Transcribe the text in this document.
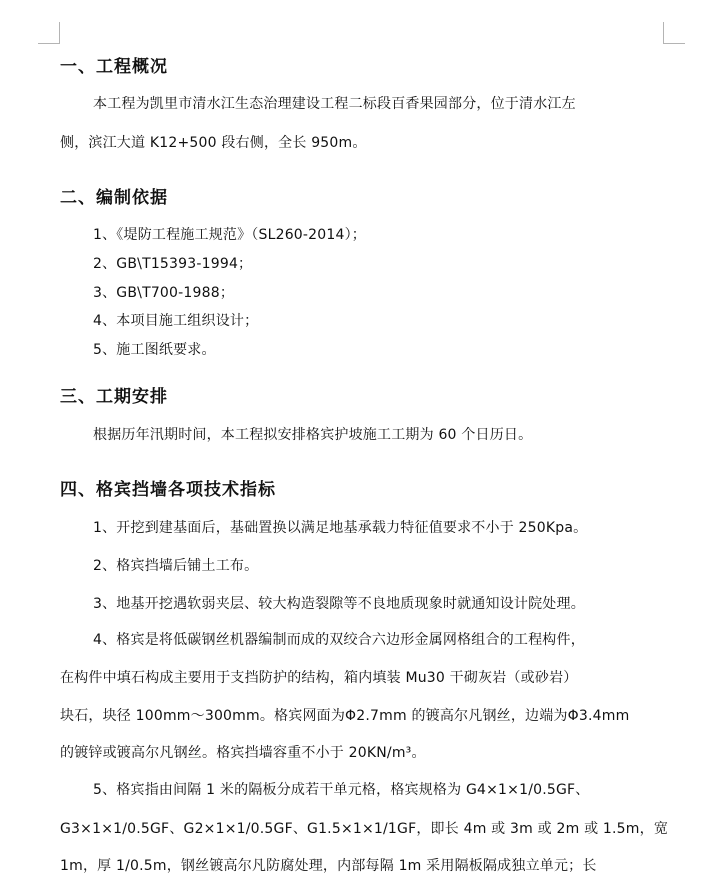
一、工程概况
本工程为凯里市清水江生态治理建设工程二标段百香果园部分，位于清水江左
侧，滨江大道 K12+500 段右侧，全长 950m。
二、编制依据
1、《堤防工程施工规范》（SL260-2014）；
2、GB\T15393-1994；
3、GB\T700-1988；
4、本项目施工组织设计；
5、施工图纸要求。
三、工期安排
根据历年汛期时间，本工程拟安排格宾护坡施工工期为 60 个日历日。
四、格宾挡墙各项技术指标
1、开挖到建基面后，基础置换以满足地基承载力特征值要求不小于 250Kpa。
2、格宾挡墙后铺土工布。
3、地基开挖遇软弱夹层、较大构造裂隙等不良地质现象时就通知设计院处理。
4、格宾是将低碳钢丝机器编制而成的双绞合六边形金属网格组合的工程构件，
在构件中填石构成主要用于支挡防护的结构，箱内填装 Mu30 干砌灰岩（或砂岩）
块石，块径 100mm～300mm。格宾网面为Φ2.7mm 的镀高尔凡钢丝，边端为Φ3.4mm
的镀锌或镀高尔凡钢丝。格宾挡墙容重不小于 20KN/m³。
5、格宾指由间隔 1 米的隔板分成若干单元格，格宾规格为 G4×1×1/0.5GF、
G3×1×1/0.5GF、G2×1×1/0.5GF、G1.5×1×1/1GF，即长 4m 或 3m 或 2m 或 1.5m，宽
1m，厚 1/0.5m，钢丝镀高尔凡防腐处理，内部每隔 1m 采用隔板隔成独立单元；长
